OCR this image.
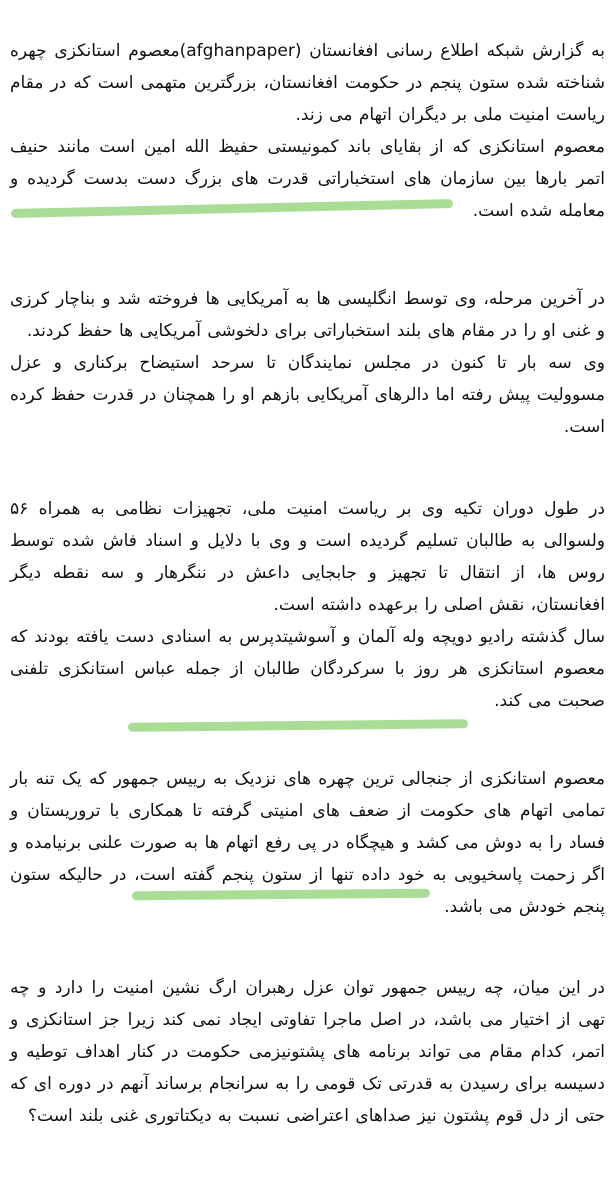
به گزارش شبکه اطلاع رسانی افغانستان (afghanpaper)معصوم استانکزی چهره شناخته شده ستون پنجم در حکومت افغانستان، بزرگترین متهمی است که در مقام ریاست امنیت ملی بر دیگران اتهام می زند.

معصوم استانکزی که از بقایای باند کمونیستی حفیظ الله امین است مانند حنیف اتمر بارها بین سازمان های استخباراتی قدرت های بزرگ دست بدست گردیده و معامله شده است.

در آخرین مرحله، وی توسط انگلیسی ها به آمریکایی ها فروخته شد و بناچار کرزی و غنی او را در مقام های بلند استخباراتی برای دلخوشی آمریکایی ها حفظ کردند.

وی سه بار تا کنون در مجلس نمایندگان تا سرحد استیضاح برکناری و عزل مسوولیت پیش رفته اما دالرهای آمریکایی بازهم او را همچنان در قدرت حفظ کرده است.

در طول دوران تکیه وی بر ریاست امنیت ملی، تجهیزات نظامی به همراه ۵۶ ولسوالی به طالبان تسلیم گردیده است و وی با دلایل و اسناد فاش شده توسط روس ها، از انتقال تا تجهیز و جابجایی داعش در ننگرهار و سه نقطه دیگر افغانستان، نقش اصلی را برعهده داشته است.

سال گذشته رادیو دویچه وله آلمان و آسوشیتدپرس به اسنادی دست یافته بودند که معصوم استانکزی هر روز با سرکردگان طالبان از جمله عباس استانکزی تلفنی صحبت می کند.

معصوم استانکزی از جنجالی ترین چهره های نزدیک به رییس جمهور که یک تنه بار تمامی اتهام های حکومت از ضعف های امنیتی گرفته تا همکاری با تروریستان و فساد را به دوش می کشد و هیچگاه در پی رفع اتهام ها به صورت علنی برنیامده و اگر زحمت پاسخیویی به خود داده تنها از ستون پنجم گفته است، در حالیکه ستون پنجم خودش می باشد.

در این میان، چه رییس جمهور توان عزل رهبران ارگ نشین امنیت را دارد و چه تهی از اختیار می باشد، در اصل ماجرا تفاوتی ایجاد نمی کند زیرا جز استانکزی و اتمر، کدام مقام می تواند برنامه های پشتونیزمی حکومت در کنار اهداف توطیه و دسیسه برای رسیدن به قدرتی تک قومی را به سرانجام برساند آنهم در دوره ای که حتی از دل قوم پشتون نیز صداهای اعتراضی نسبت به دیکتاتوری غنی بلند است؟
